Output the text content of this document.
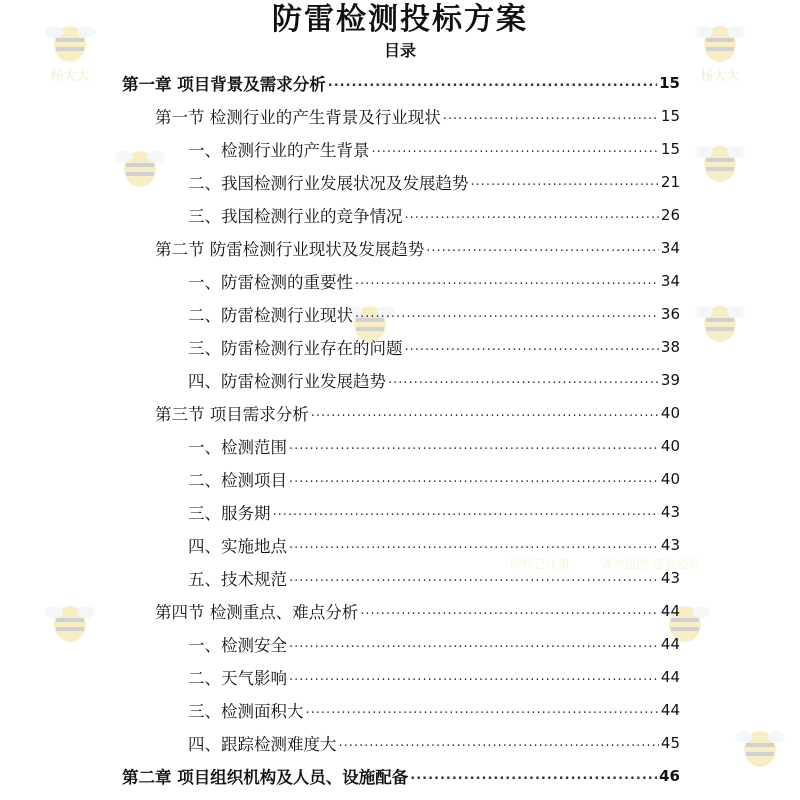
杨大大	杨大大
版权已注册 请勿盗图 违者必究
防雷检测投标方案
目录
第一章 项目背景及需求分析 .....	15
第一节 检测行业的产生背景及行业现状 .....	15
一、检测行业的产生背景 .....	15
二、我国检测行业发展状况及发展趋势 .....	21
三、我国检测行业的竞争情况 .....	26
第二节 防雷检测行业现状及发展趋势 .....	34
一、防雷检测的重要性 .....	34
二、防雷检测行业现状 .....	36
三、防雷检测行业存在的问题 .....	38
四、防雷检测行业发展趋势 .....	39
第三节 项目需求分析 .....	40
一、检测范围 .....	40
二、检测项目 .....	40
三、服务期 .....	43
四、实施地点 .....	43
五、技术规范 .....	43
第四节 检测重点、难点分析 .....	44
一、检测安全 .....	44
二、天气影响 .....	44
三、检测面积大 .....	44
四、跟踪检测难度大 .....	45
第二章 项目组织机构及人员、设施配备 .....	46
